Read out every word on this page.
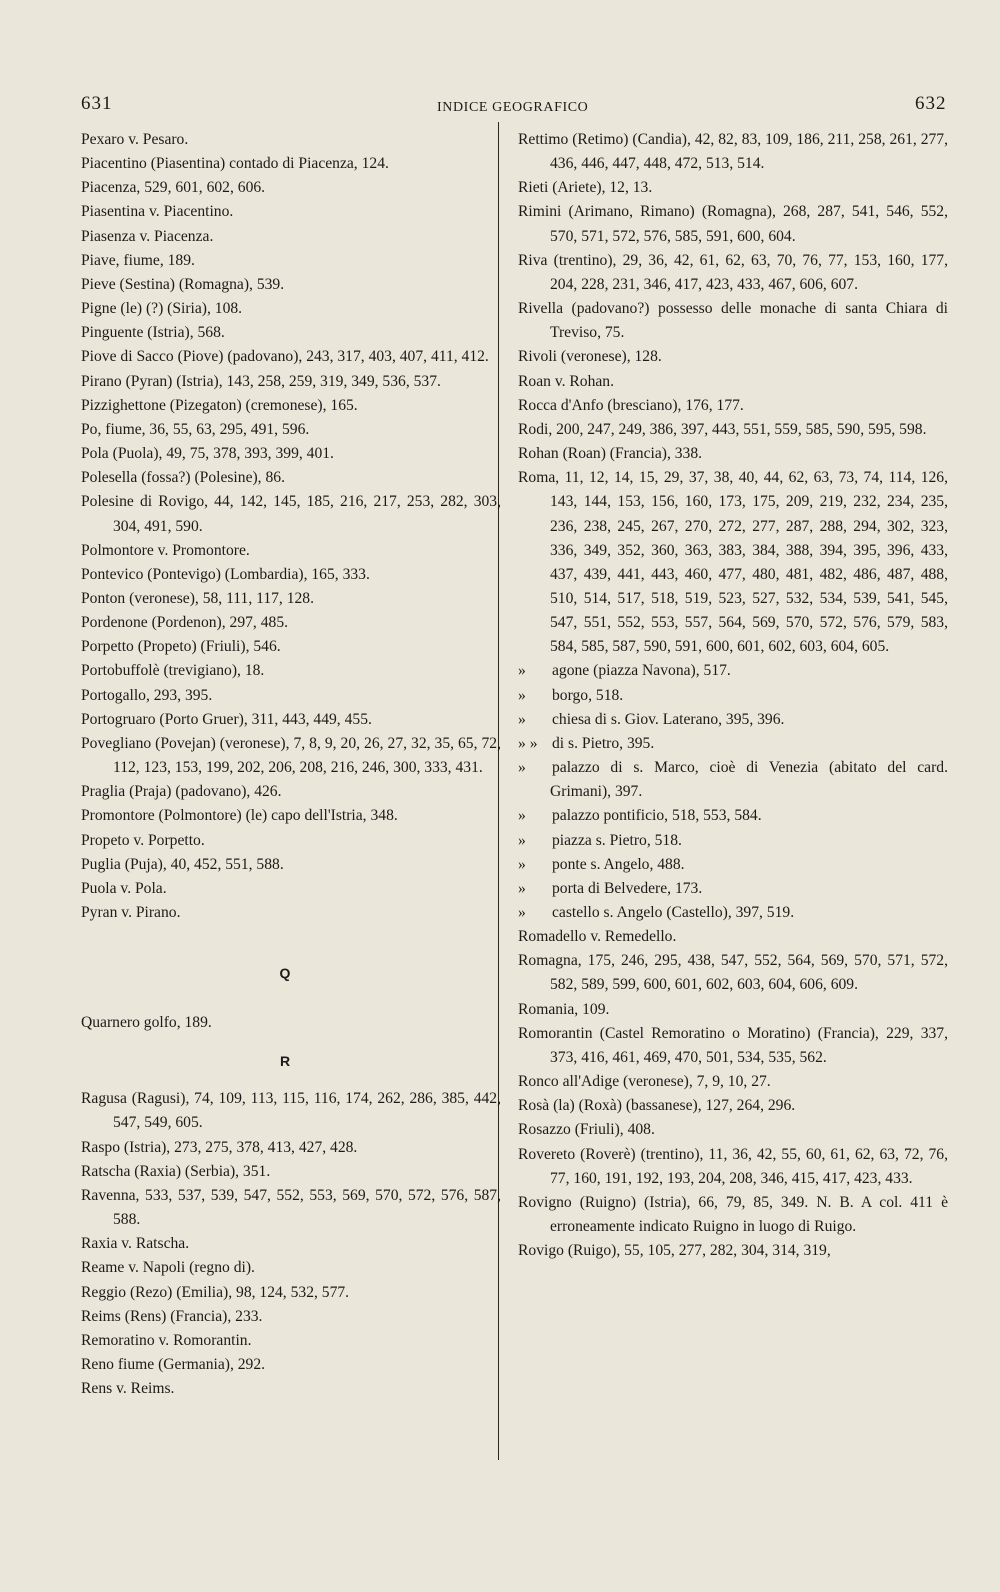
631	INDICE GEOGRAFICO	632
Pexaro v. Pesaro.
Piacentino (Piasentina) contado di Piacenza, 124.
Piacenza, 529, 601, 602, 606.
Piasentina v. Piacentino.
Piasenza v. Piacenza.
Piave, fiume, 189.
Pieve (Sestina) (Romagna), 539.
Pigne (le) (?) (Siria), 108.
Pinguente (Istria), 568.
Piove di Sacco (Piove) (padovano), 243, 317, 403, 407, 411, 412.
Pirano (Pyran) (Istria), 143, 258, 259, 319, 349, 536, 537.
Pizzighettone (Pizegaton) (cremonese), 165.
Po, fiume, 36, 55, 63, 295, 491, 596.
Pola (Puola), 49, 75, 378, 393, 399, 401.
Polesella (fossa?) (Polesine), 86.
Polesine di Rovigo, 44, 142, 145, 185, 216, 217, 253, 282, 303, 304, 491, 590.
Polmontore v. Promontore.
Pontevico (Pontevigo) (Lombardia), 165, 333.
Ponton (veronese), 58, 111, 117, 128.
Pordenone (Pordenon), 297, 485.
Porpetto (Propeto) (Friuli), 546.
Portobuffolè (trevigiano), 18.
Portogallo, 293, 395.
Portogruaro (Porto Gruer), 311, 443, 449, 455.
Povegliano (Povejan) (veronese), 7, 8, 9, 20, 26, 27, 32, 35, 65, 72, 112, 123, 153, 199, 202, 206, 208, 216, 246, 300, 333, 431.
Praglia (Praja) (padovano), 426.
Promontore (Polmontore) (le) capo dell'Istria, 348.
Propeto v. Porpetto.
Puglia (Puja), 40, 452, 551, 588.
Puola v. Pola.
Pyran v. Pirano.
Q
Quarnero golfo, 189.
R
Ragusa (Ragusi), 74, 109, 113, 115, 116, 174, 262, 286, 385, 442, 547, 549, 605.
Raspo (Istria), 273, 275, 378, 413, 427, 428.
Ratscha (Raxia) (Serbia), 351.
Ravenna, 533, 537, 539, 547, 552, 553, 569, 570, 572, 576, 587, 588.
Raxia v. Ratscha.
Reame v. Napoli (regno di).
Reggio (Rezo) (Emilia), 98, 124, 532, 577.
Reims (Rens) (Francia), 233.
Remoratino v. Romorantin.
Reno fiume (Germania), 292.
Rens v. Reims.
Rettimo (Retimo) (Candia), 42, 82, 83, 109, 186, 211, 258, 261, 277, 436, 446, 447, 448, 472, 513, 514.
Rieti (Ariete), 12, 13.
Rimini (Arimano, Rimano) (Romagna), 268, 287, 541, 546, 552, 570, 571, 572, 576, 585, 591, 600, 604.
Riva (trentino), 29, 36, 42, 61, 62, 63, 70, 76, 77, 153, 160, 177, 204, 228, 231, 346, 417, 423, 433, 467, 606, 607.
Rivella (padovano?) possesso delle monache di santa Chiara di Treviso, 75.
Rivoli (veronese), 128.
Roan v. Rohan.
Rocca d'Anfo (bresciano), 176, 177.
Rodi, 200, 247, 249, 386, 397, 443, 551, 559, 585, 590, 595, 598.
Rohan (Roan) (Francia), 338.
Roma, 11, 12, 14, 15, 29, 37, 38, 40, 44, 62, 63, 73, 74, 114, 126, 143, 144, 153, 156, 160, 173, 175, 209, 219, 232, 234, 235, 236, 238, 245, 267, 270, 272, 277, 287, 288, 294, 302, 323, 336, 349, 352, 360, 363, 383, 384, 388, 394, 395, 396, 433, 437, 439, 441, 443, 460, 477, 480, 481, 482, 486, 487, 488, 510, 514, 517, 518, 519, 523, 527, 532, 534, 539, 541, 545, 547, 551, 552, 553, 557, 564, 569, 570, 572, 576, 579, 583, 584, 585, 587, 590, 591, 600, 601, 602, 603, 604, 605.
» agone (piazza Navona), 517.
» borgo, 518.
» chiesa di s. Giov. Laterano, 395, 396.
» » di s. Pietro, 395.
» palazzo di s. Marco, cioè di Venezia (abitato del card. Grimani), 397.
» palazzo pontificio, 518, 553, 584.
» piazza s. Pietro, 518.
» ponte s. Angelo, 488.
» porta di Belvedere, 173.
» castello s. Angelo (Castello), 397, 519.
Romadello v. Remedello.
Romagna, 175, 246, 295, 438, 547, 552, 564, 569, 570, 571, 572, 582, 589, 599, 600, 601, 602, 603, 604, 606, 609.
Romania, 109.
Romorantin (Castel Remoratino o Moratino) (Francia), 229, 337, 373, 416, 461, 469, 470, 501, 534, 535, 562.
Ronco all'Adige (veronese), 7, 9, 10, 27.
Rosà (la) (Roxà) (bassanese), 127, 264, 296.
Rosazzo (Friuli), 408.
Rovereto (Roverè) (trentino), 11, 36, 42, 55, 60, 61, 62, 63, 72, 76, 77, 160, 191, 192, 193, 204, 208, 346, 415, 417, 423, 433.
Rovigno (Ruigno) (Istria), 66, 79, 85, 349. N. B. A col. 411 è erroneamente indicato Ruigno in luogo di Ruigo.
Rovigo (Ruigo), 55, 105, 277, 282, 304, 314, 319,
